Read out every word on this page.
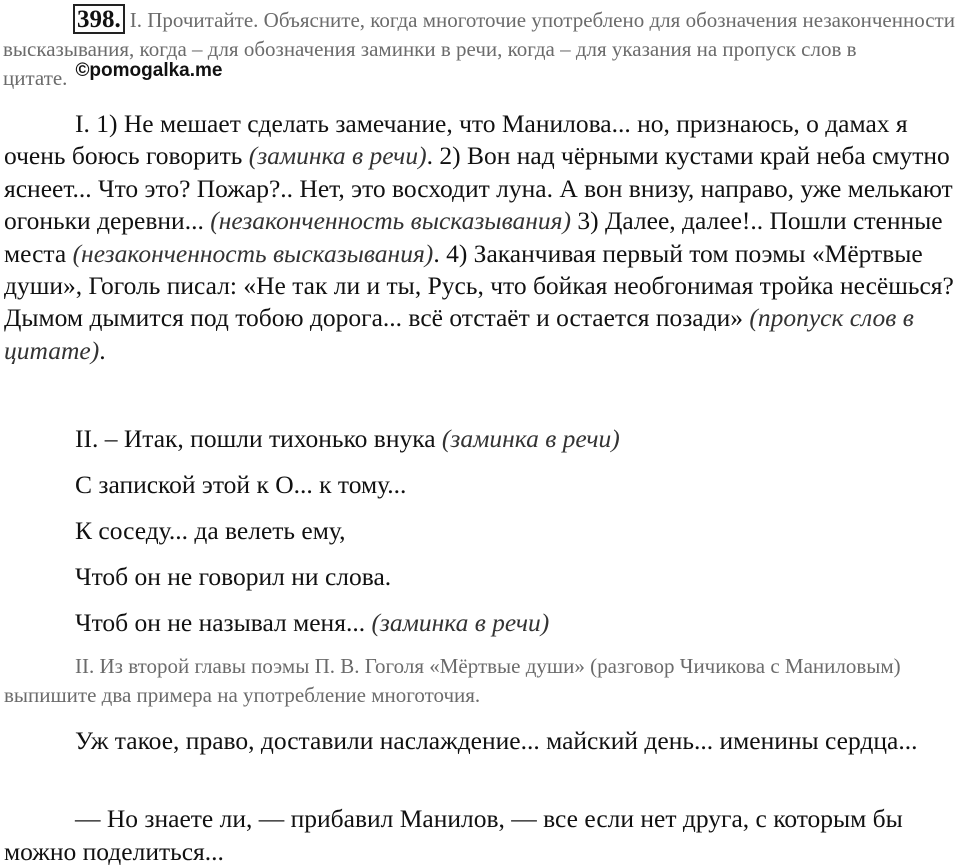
398. I. Прочитайте. Объясните, когда многоточие употреблено для обозначения незаконченности высказывания, когда – для обозначения заминки в речи, когда – для указания на пропуск слов в цитате. ©pomogalka.me
I. 1) Не мешает сделать замечание, что Манилова... но, признаюсь, о дамах я очень боюсь говорить (заминка в речи). 2) Вон над чёрными кустами край неба смутно яснеет... Что это? Пожар?.. Нет, это восходит луна. А вон внизу, направо, уже мелькают огоньки деревни... (незаконченность высказывания) 3) Далее, далее!.. Пошли стенные места (незаконченность высказывания). 4) Заканчивая первый том поэмы «Мёртвые души», Гоголь писал: «Не так ли и ты, Русь, что бойкая необгонимая тройка несёшься? Дымом дымится под тобою дорога... всё отстаёт и остается позади» (пропуск слов в цитате).
II. – Итак, пошли тихонько внука (заминка в речи)
С запиской этой к О... к тому...
К соседу... да велеть ему,
Чтоб он не говорил ни слова.
Чтоб он не называл меня... (заминка в речи)
II. Из второй главы поэмы П. В. Гоголя «Мёртвые души» (разговор Чичикова с Маниловым) выпишите два примера на употребление многоточия.
Уж такое, право, доставили наслаждение... майский день... именины сердца...
— Но знаете ли, — прибавил Манилов, — все если нет друга, с которым бы можно поделиться...
